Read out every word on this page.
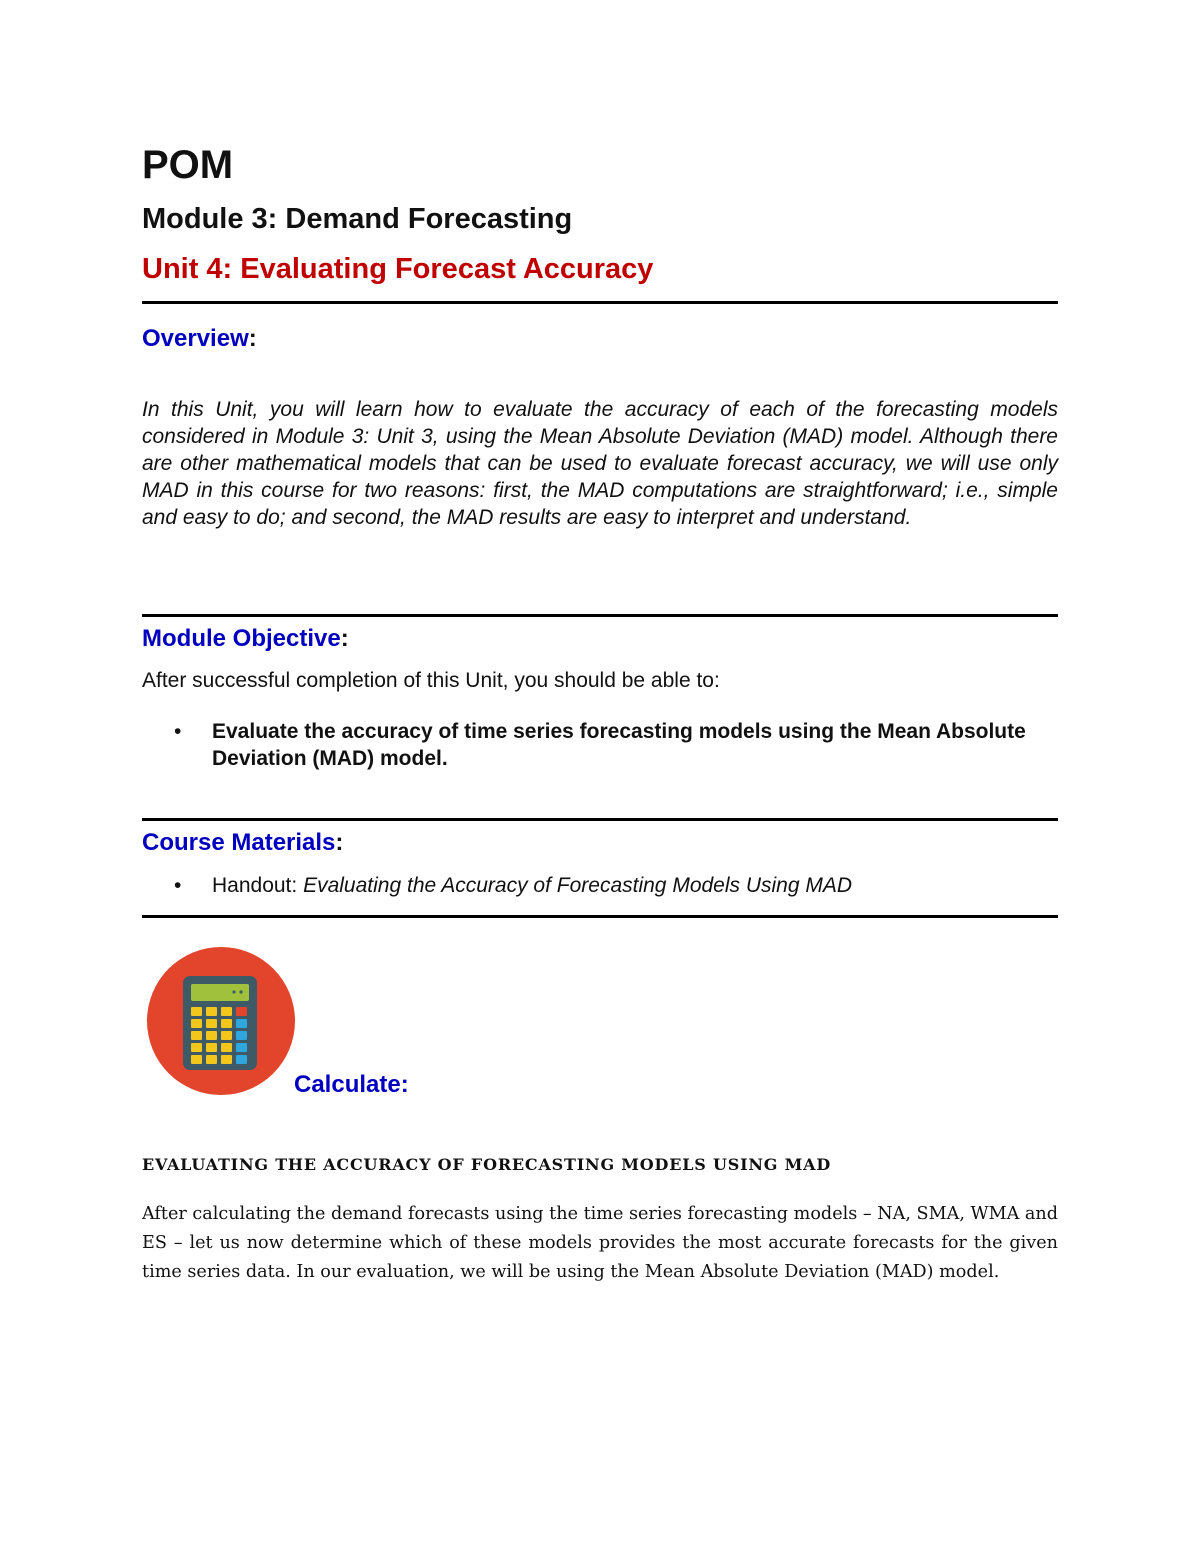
POM
Module 3: Demand Forecasting
Unit 4: Evaluating Forecast Accuracy
Overview:

In this Unit, you will learn how to evaluate the accuracy of each of the forecasting models considered in Module 3: Unit 3, using the Mean Absolute Deviation (MAD) model. Although there are other mathematical models that can be used to evaluate forecast accuracy, we will use only MAD in this course for two reasons: first, the MAD computations are straightforward; i.e., simple and easy to do; and second, the MAD results are easy to interpret and understand.

Module Objective:

After successful completion of this Unit, you should be able to:

• Evaluate the accuracy of time series forecasting models using the Mean Absolute Deviation (MAD) model.
Course Materials:
• Handout: Evaluating the Accuracy of Forecasting Models Using MAD
Calculate:
EVALUATING THE ACCURACY OF FORECASTING MODELS USING MAD

After calculating the demand forecasts using the time series forecasting models – NA, SMA, WMA and ES – let us now determine which of these models provides the most accurate forecasts for the given time series data. In our evaluation, we will be using the Mean Absolute Deviation (MAD) model.
